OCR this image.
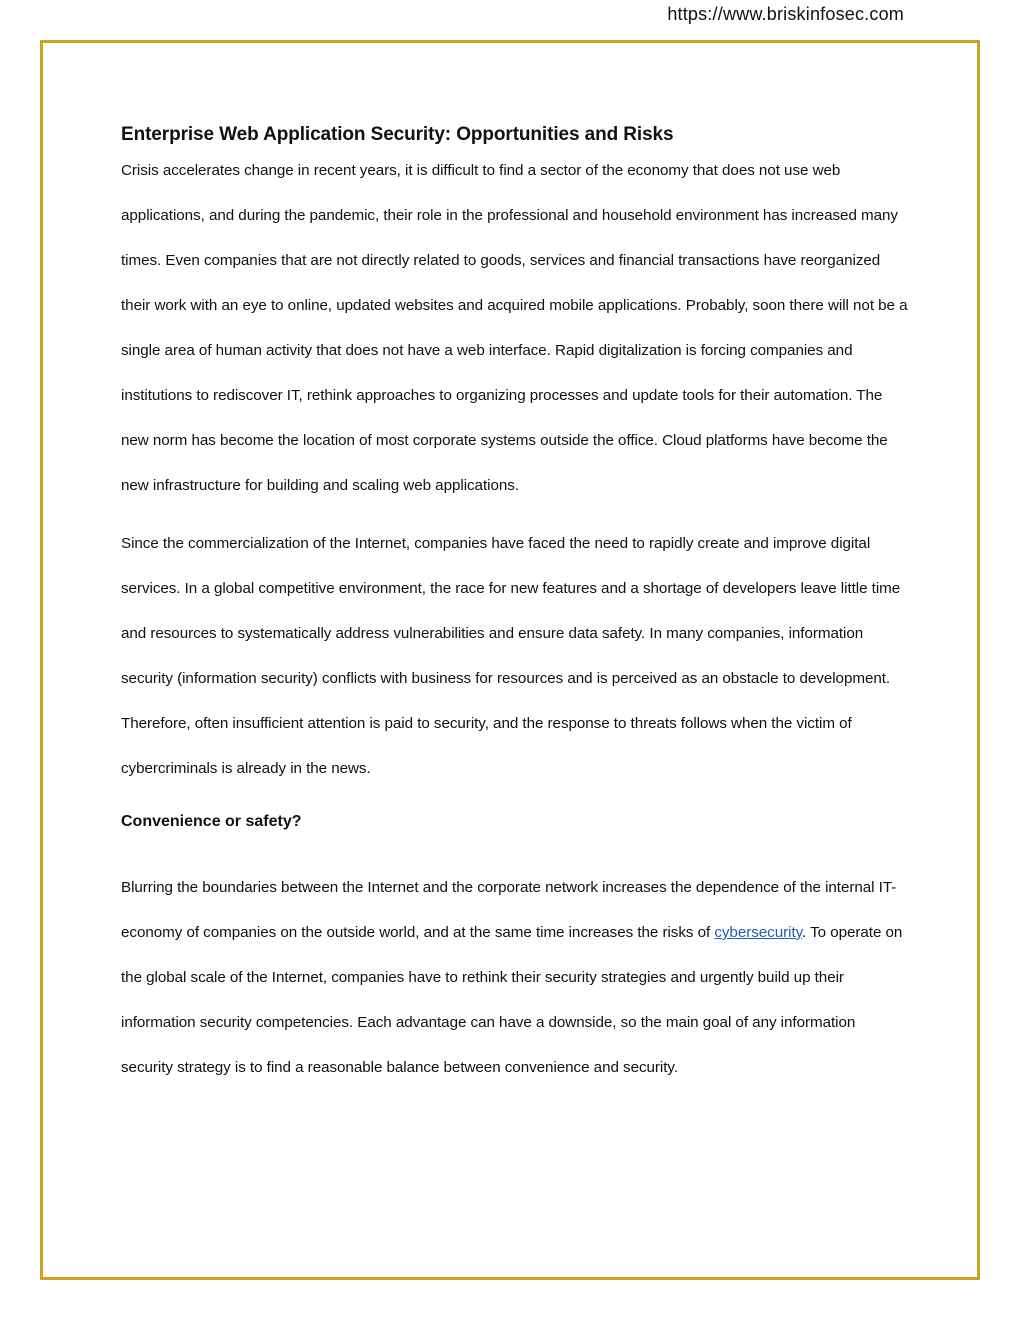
https://www.briskinfosec.com
Enterprise Web Application Security: Opportunities and Risks

Crisis accelerates change in recent years, it is difficult to find a sector of the economy that does not use web applications, and during the pandemic, their role in the professional and household environment has increased many times. Even companies that are not directly related to goods, services and financial transactions have reorganized their work with an eye to online, updated websites and acquired mobile applications. Probably, soon there will not be a single area of human activity that does not have a web interface. Rapid digitalization is forcing companies and institutions to rediscover IT, rethink approaches to organizing processes and update tools for their automation. The new norm has become the location of most corporate systems outside the office. Cloud platforms have become the new infrastructure for building and scaling web applications.

Since the commercialization of the Internet, companies have faced the need to rapidly create and improve digital services. In a global competitive environment, the race for new features and a shortage of developers leave little time and resources to systematically address vulnerabilities and ensure data safety. In many companies, information security (information security) conflicts with business for resources and is perceived as an obstacle to development. Therefore, often insufficient attention is paid to security, and the response to threats follows when the victim of cybercriminals is already in the news.

Convenience or safety?

Blurring the boundaries between the Internet and the corporate network increases the dependence of the internal IT-economy of companies on the outside world, and at the same time increases the risks of cybersecurity. To operate on the global scale of the Internet, companies have to rethink their security strategies and urgently build up their information security competencies. Each advantage can have a downside, so the main goal of any information security strategy is to find a reasonable balance between convenience and security.
